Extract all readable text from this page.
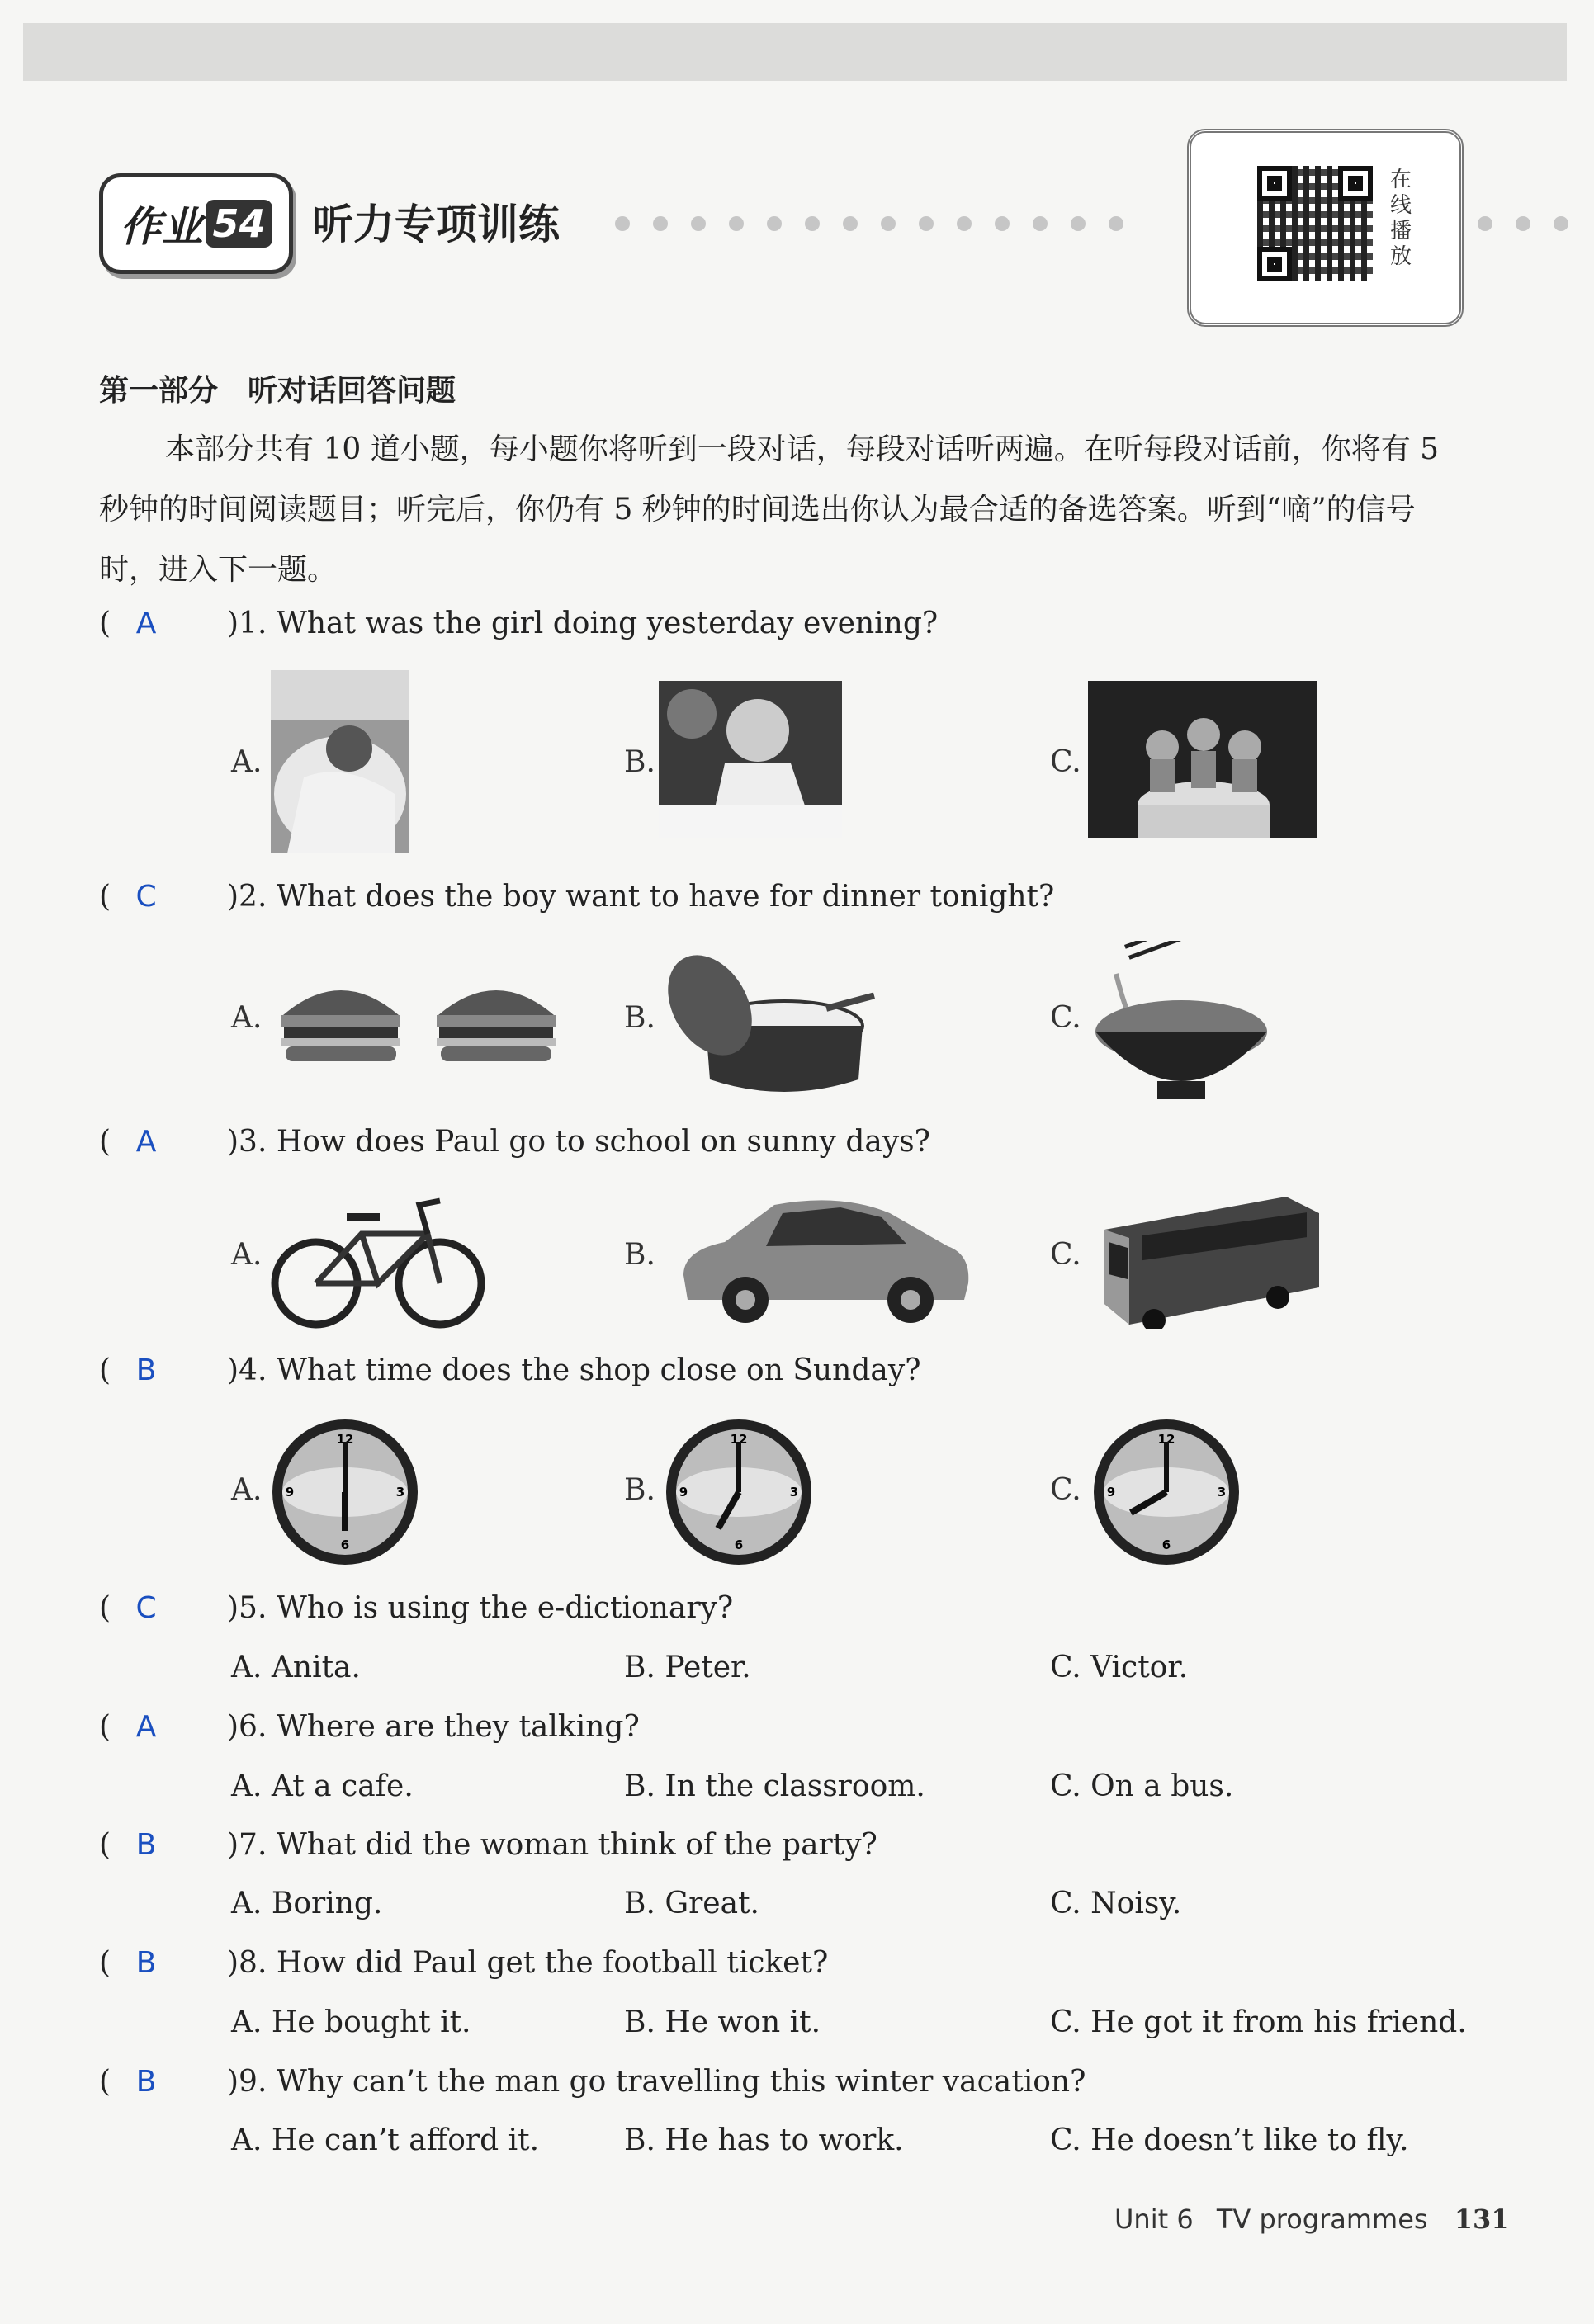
作业 54 听力专项训练
在
线
播
放
第一部分　听对话回答问题
本部分共有 10 道小题，每小题你将听到一段对话，每段对话听两遍。在听每段对话前，你将有 5 秒钟的时间阅读题目；听完后，你仍有 5 秒钟的时间选出你认为最合适的备选答案。听到“嘀”的信号时，进入下一题。
( A )1. What was the girl doing yesterday evening?
A.	B.	C.
( C )2. What does the boy want to have for dinner tonight?
A.	B.	C.
( A )3. How does Paul go to school on sunny days?
A.	B.	C.
( B )4. What time does the shop close on Sunday?
A.
12
3
6
9	B.
12
3
6
9	C.
12
3
6
9
( C )5. Who is using the e-dictionary?
A. Anita.	B. Peter.	C. Victor.
( A )6. Where are they talking?
A. At a cafe.	B. In the classroom.	C. On a bus.
( B )7. What did the woman think of the party?
A. Boring.	B. Great.	C. Noisy.
( B )8. How did Paul get the football ticket?
A. He bought it.	B. He won it.	C. He got it from his friend.
( B )9. Why can’t the man go travelling this winter vacation?
A. He can’t afford it.	B. He has to work.	C. He doesn’t like to fly.
Unit 6 TV programmes 131
